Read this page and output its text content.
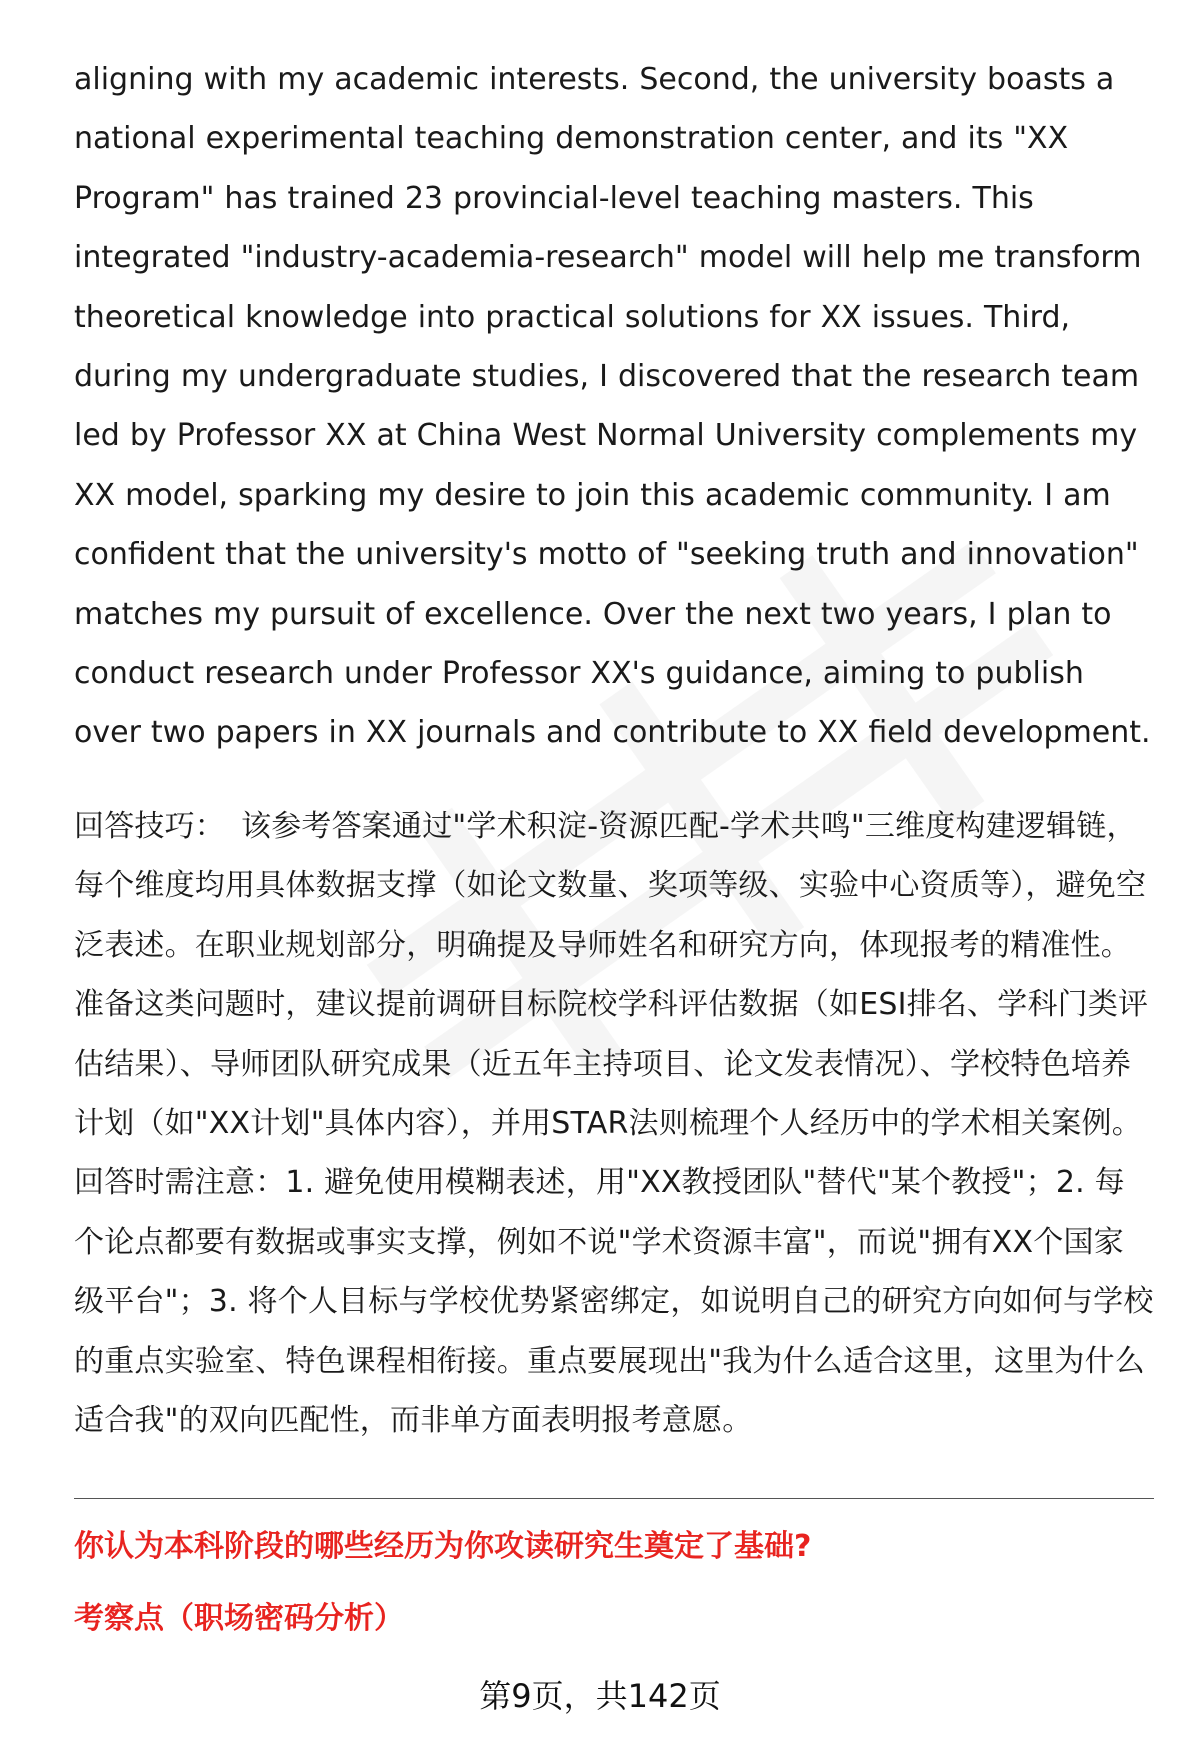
aligning with my academic interests. Second, the university boasts a national experimental teaching demonstration center, and its "XX Program" has trained 23 provincial-level teaching masters. This integrated "industry-academia-research" model will help me transform theoretical knowledge into practical solutions for XX issues. Third, during my undergraduate studies, I discovered that the research team led by Professor XX at China West Normal University complements my XX model, sparking my desire to join this academic community. I am confident that the university's motto of "seeking truth and innovation" matches my pursuit of excellence. Over the next two years, I plan to conduct research under Professor XX's guidance, aiming to publish over two papers in XX journals and contribute to XX field development.

回答技巧： 该参考答案通过"学术积淀-资源匹配-学术共鸣"三维度构建逻辑链，每个维度均用具体数据支撑（如论文数量、奖项等级、实验中心资质等），避免空泛表述。在职业规划部分，明确提及导师姓名和研究方向，体现报考的精准性。准备这类问题时，建议提前调研目标院校学科评估数据（如ESI排名、学科门类评估结果）、导师团队研究成果（近五年主持项目、论文发表情况）、学校特色培养计划（如"XX计划"具体内容），并用STAR法则梳理个人经历中的学术相关案例。回答时需注意：1. 避免使用模糊表述，用"XX教授团队"替代"某个教授"；2. 每个论点都要有数据或事实支撑，例如不说"学术资源丰富"，而说"拥有XX个国家级平台"；3. 将个人目标与学校优势紧密绑定，如说明自己的研究方向如何与学校的重点实验室、特色课程相衔接。重点要展现出"我为什么适合这里，这里为什么适合我"的双向匹配性，而非单方面表明报考意愿。

你认为本科阶段的哪些经历为你攻读研究生奠定了基础?
考察点（职场密码分析）
第9页，共142页
